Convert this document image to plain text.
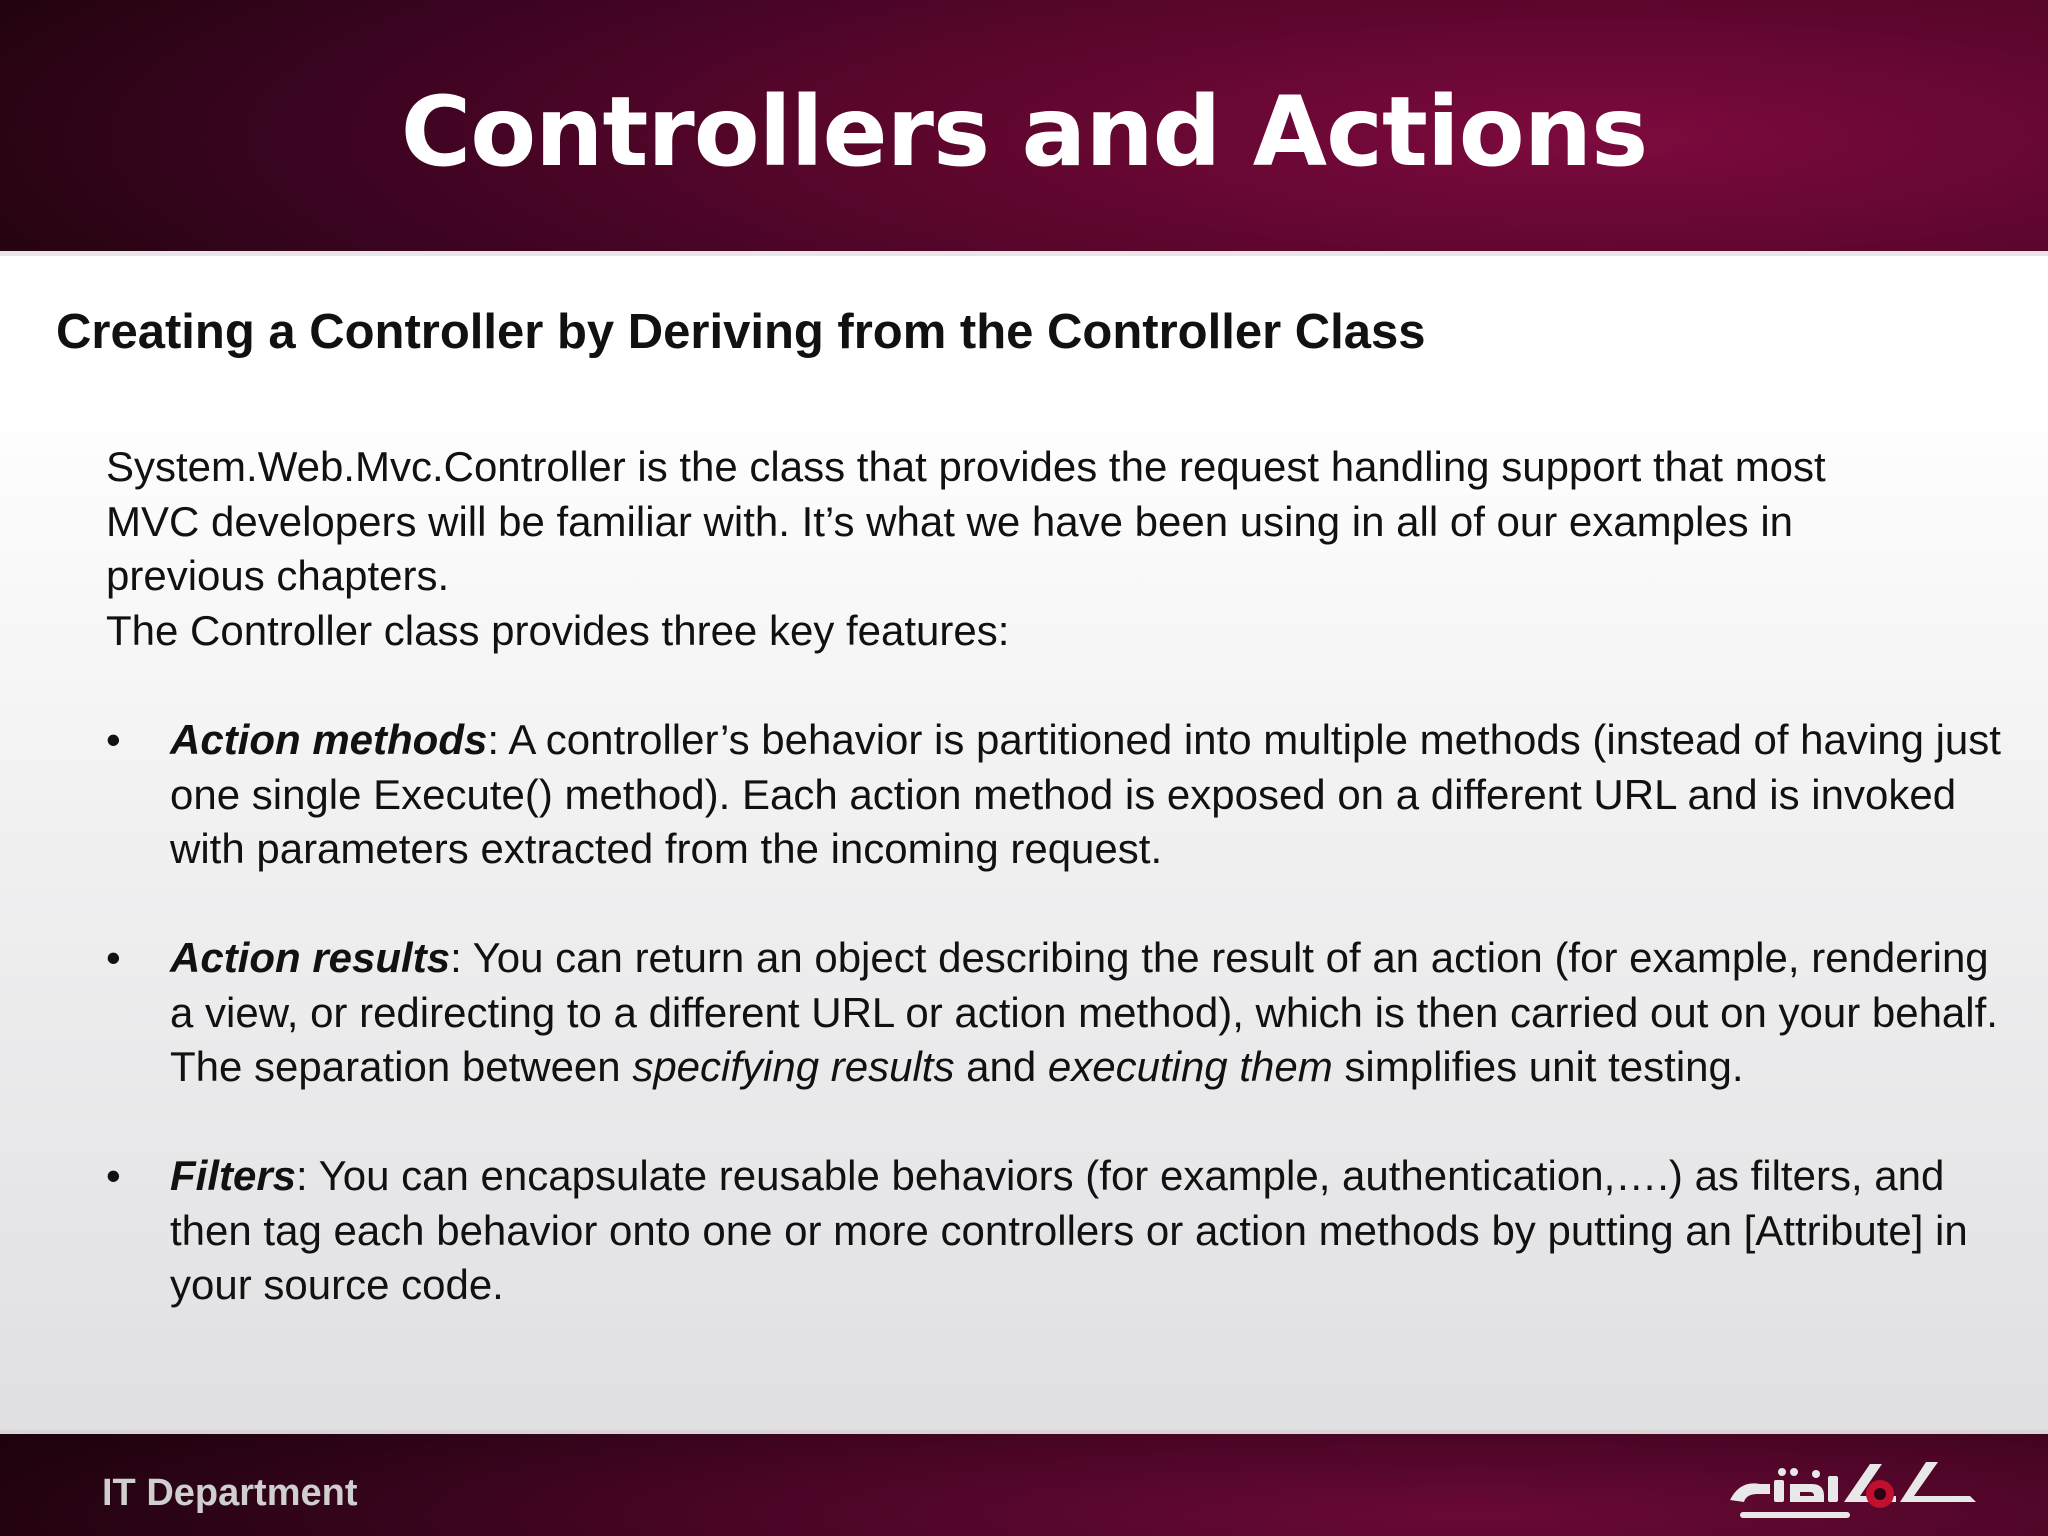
Controllers and Actions
Creating a Controller by Deriving from the Controller Class

System.Web.Mvc.Controller is the class that provides the request handling support that most

MVC developers will be familiar with. It’s what we have been using in all of our examples in

previous chapters.

The Controller class provides three key features:

•	Action methods: A controller’s behavior is partitioned into multiple methods (instead of having just one single Execute() method). Each action method is exposed on a different URL and is invoked with parameters extracted from the incoming request.
•	Action results: You can return an object describing the result of an action (for example, rendering a view, or redirecting to a different URL or action method), which is then carried out on your behalf. The separation between specifying results and executing them simplifies unit testing.
•	Filters: You can encapsulate reusable behaviors (for example, authentication,….) as filters, and then tag each behavior onto one or more controllers or action methods by putting an [Attribute] in your source code.

IT Department
